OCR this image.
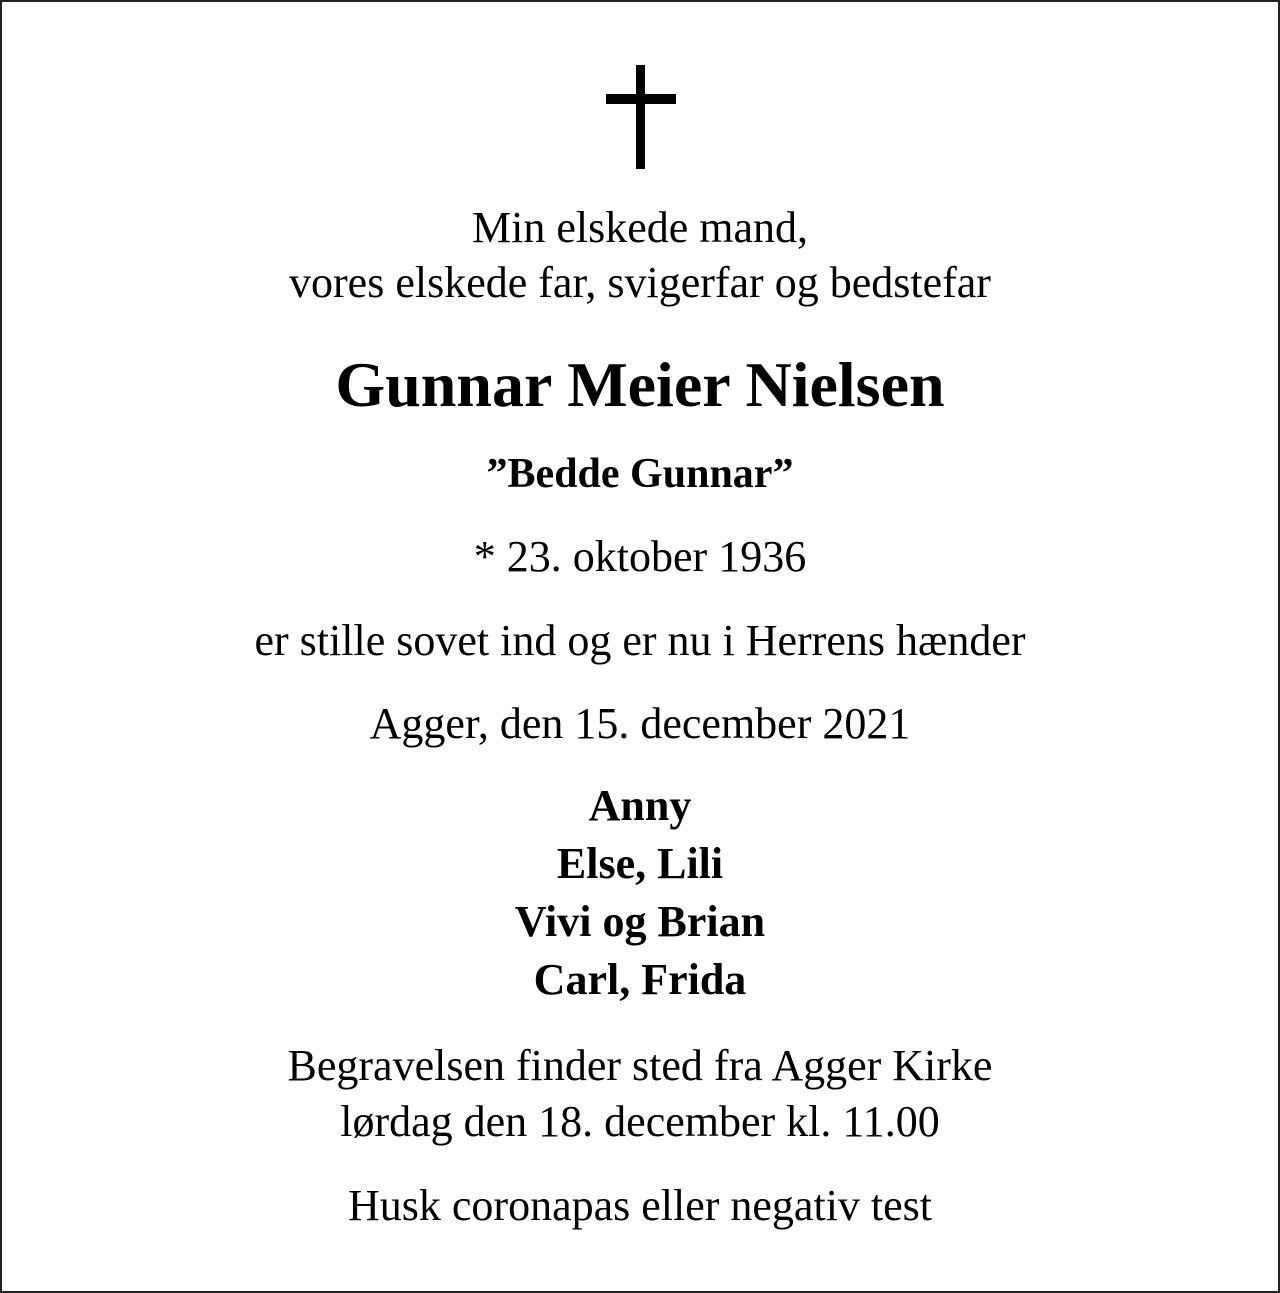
Min elskede mand,
vores elskede far, svigerfar og bedstefar
Gunnar Meier Nielsen
”Bedde Gunnar”
* 23. oktober 1936
er stille sovet ind og er nu i Herrens hænder
Agger, den 15. december 2021
Anny
Else, Lili
Vivi og Brian
Carl, Frida
Begravelsen finder sted fra Agger Kirke
lørdag den 18. december kl. 11.00
Husk coronapas eller negativ test
